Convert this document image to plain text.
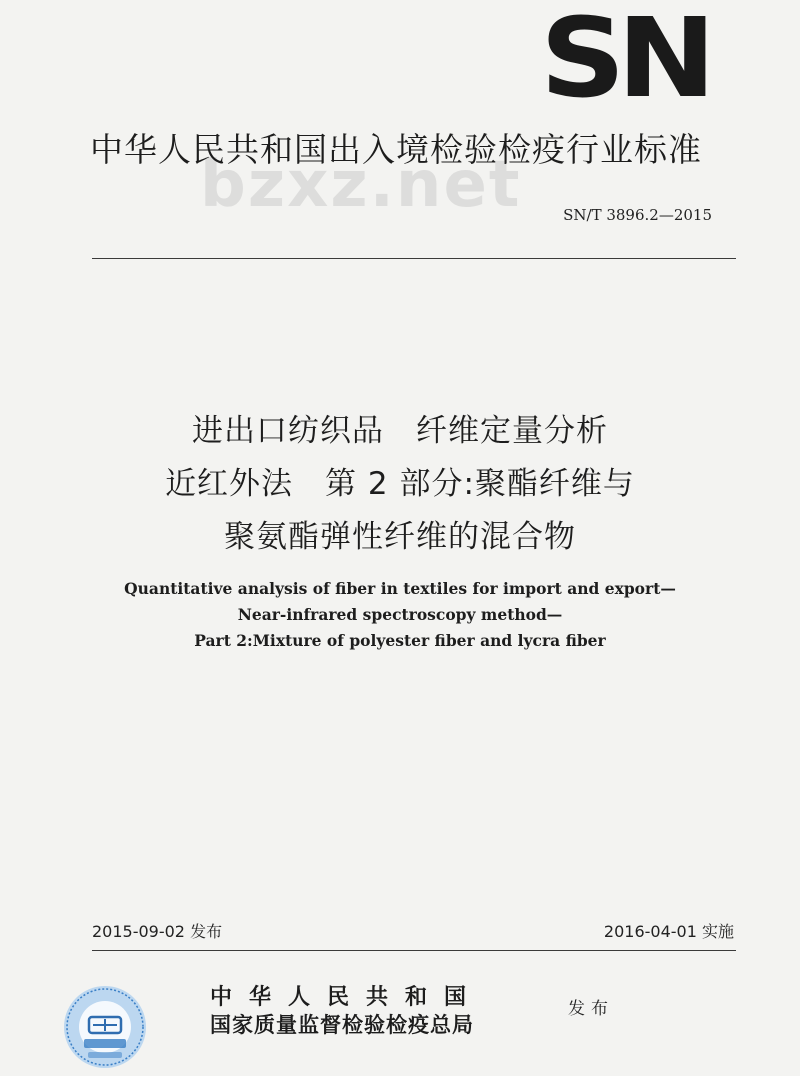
SN
bzxz.net
中华人民共和国出入境检验检疫行业标准
SN/T 3896.2—2015
进出口纺织品　纤维定量分析
近红外法　第 2 部分:聚酯纤维与
聚氨酯弹性纤维的混合物
Quantitative analysis of fiber in textiles for import and export—
Near-infrared spectroscopy method—
Part 2:Mixture of polyester fiber and lycra fiber
2015-09-02 发布	2016-04-01 实施
中华人民共和国
国家质量监督检验检疫总局
发布
